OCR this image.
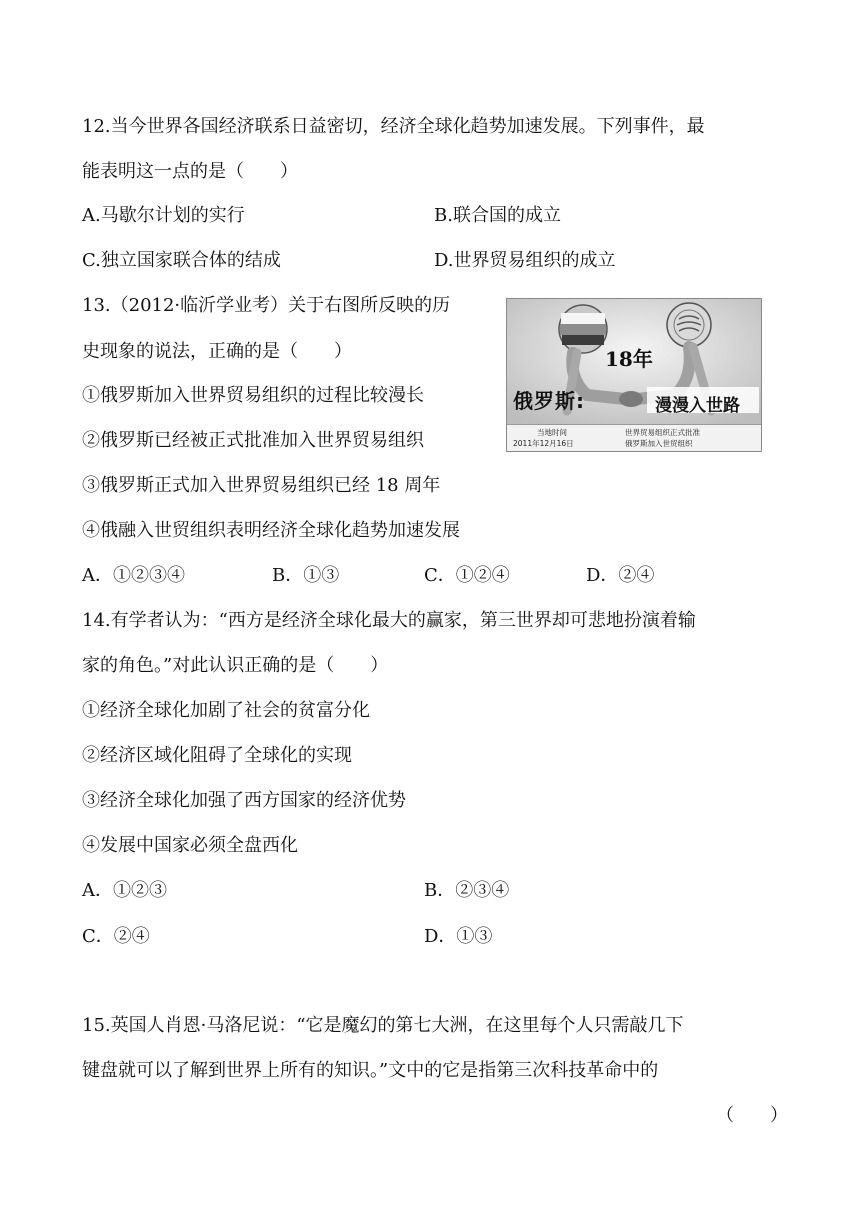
12.当今世界各国经济联系日益密切，经济全球化趋势加速发展。下列事件，最
能表明这一点的是（　　）
A.马歇尔计划的实行	B.联合国的成立
C.独立国家联合体的结成	D.世界贸易组织的成立
13.（2012·临沂学业考）关于右图所反映的历
史现象的说法，正确的是（　　）
①俄罗斯加入世界贸易组织的过程比较漫长
②俄罗斯已经被正式批准加入世界贸易组织
③俄罗斯正式加入世界贸易组织已经 18 周年
④俄融入世贸组织表明经济全球化趋势加速发展
A．①②③④	B．①③	C．①②④	D．②④
18年
俄罗斯:	漫漫入世路
当地时间
2011年12月16日
世界贸易组织正式批准
俄罗斯加入世贸组织
14.有学者认为：“西方是经济全球化最大的赢家，第三世界却可悲地扮演着输
家的角色。”对此认识正确的是（　　）
①经济全球化加剧了社会的贫富分化
②经济区域化阻碍了全球化的实现
③经济全球化加强了西方国家的经济优势
④发展中国家必须全盘西化
A．①②③	B．②③④
C．②④	D．①③
15.英国人肖恩·马洛尼说：“它是魔幻的第七大洲，在这里每个人只需敲几下
键盘就可以了解到世界上所有的知识。”文中的它是指第三次科技革命中的
（　　）
